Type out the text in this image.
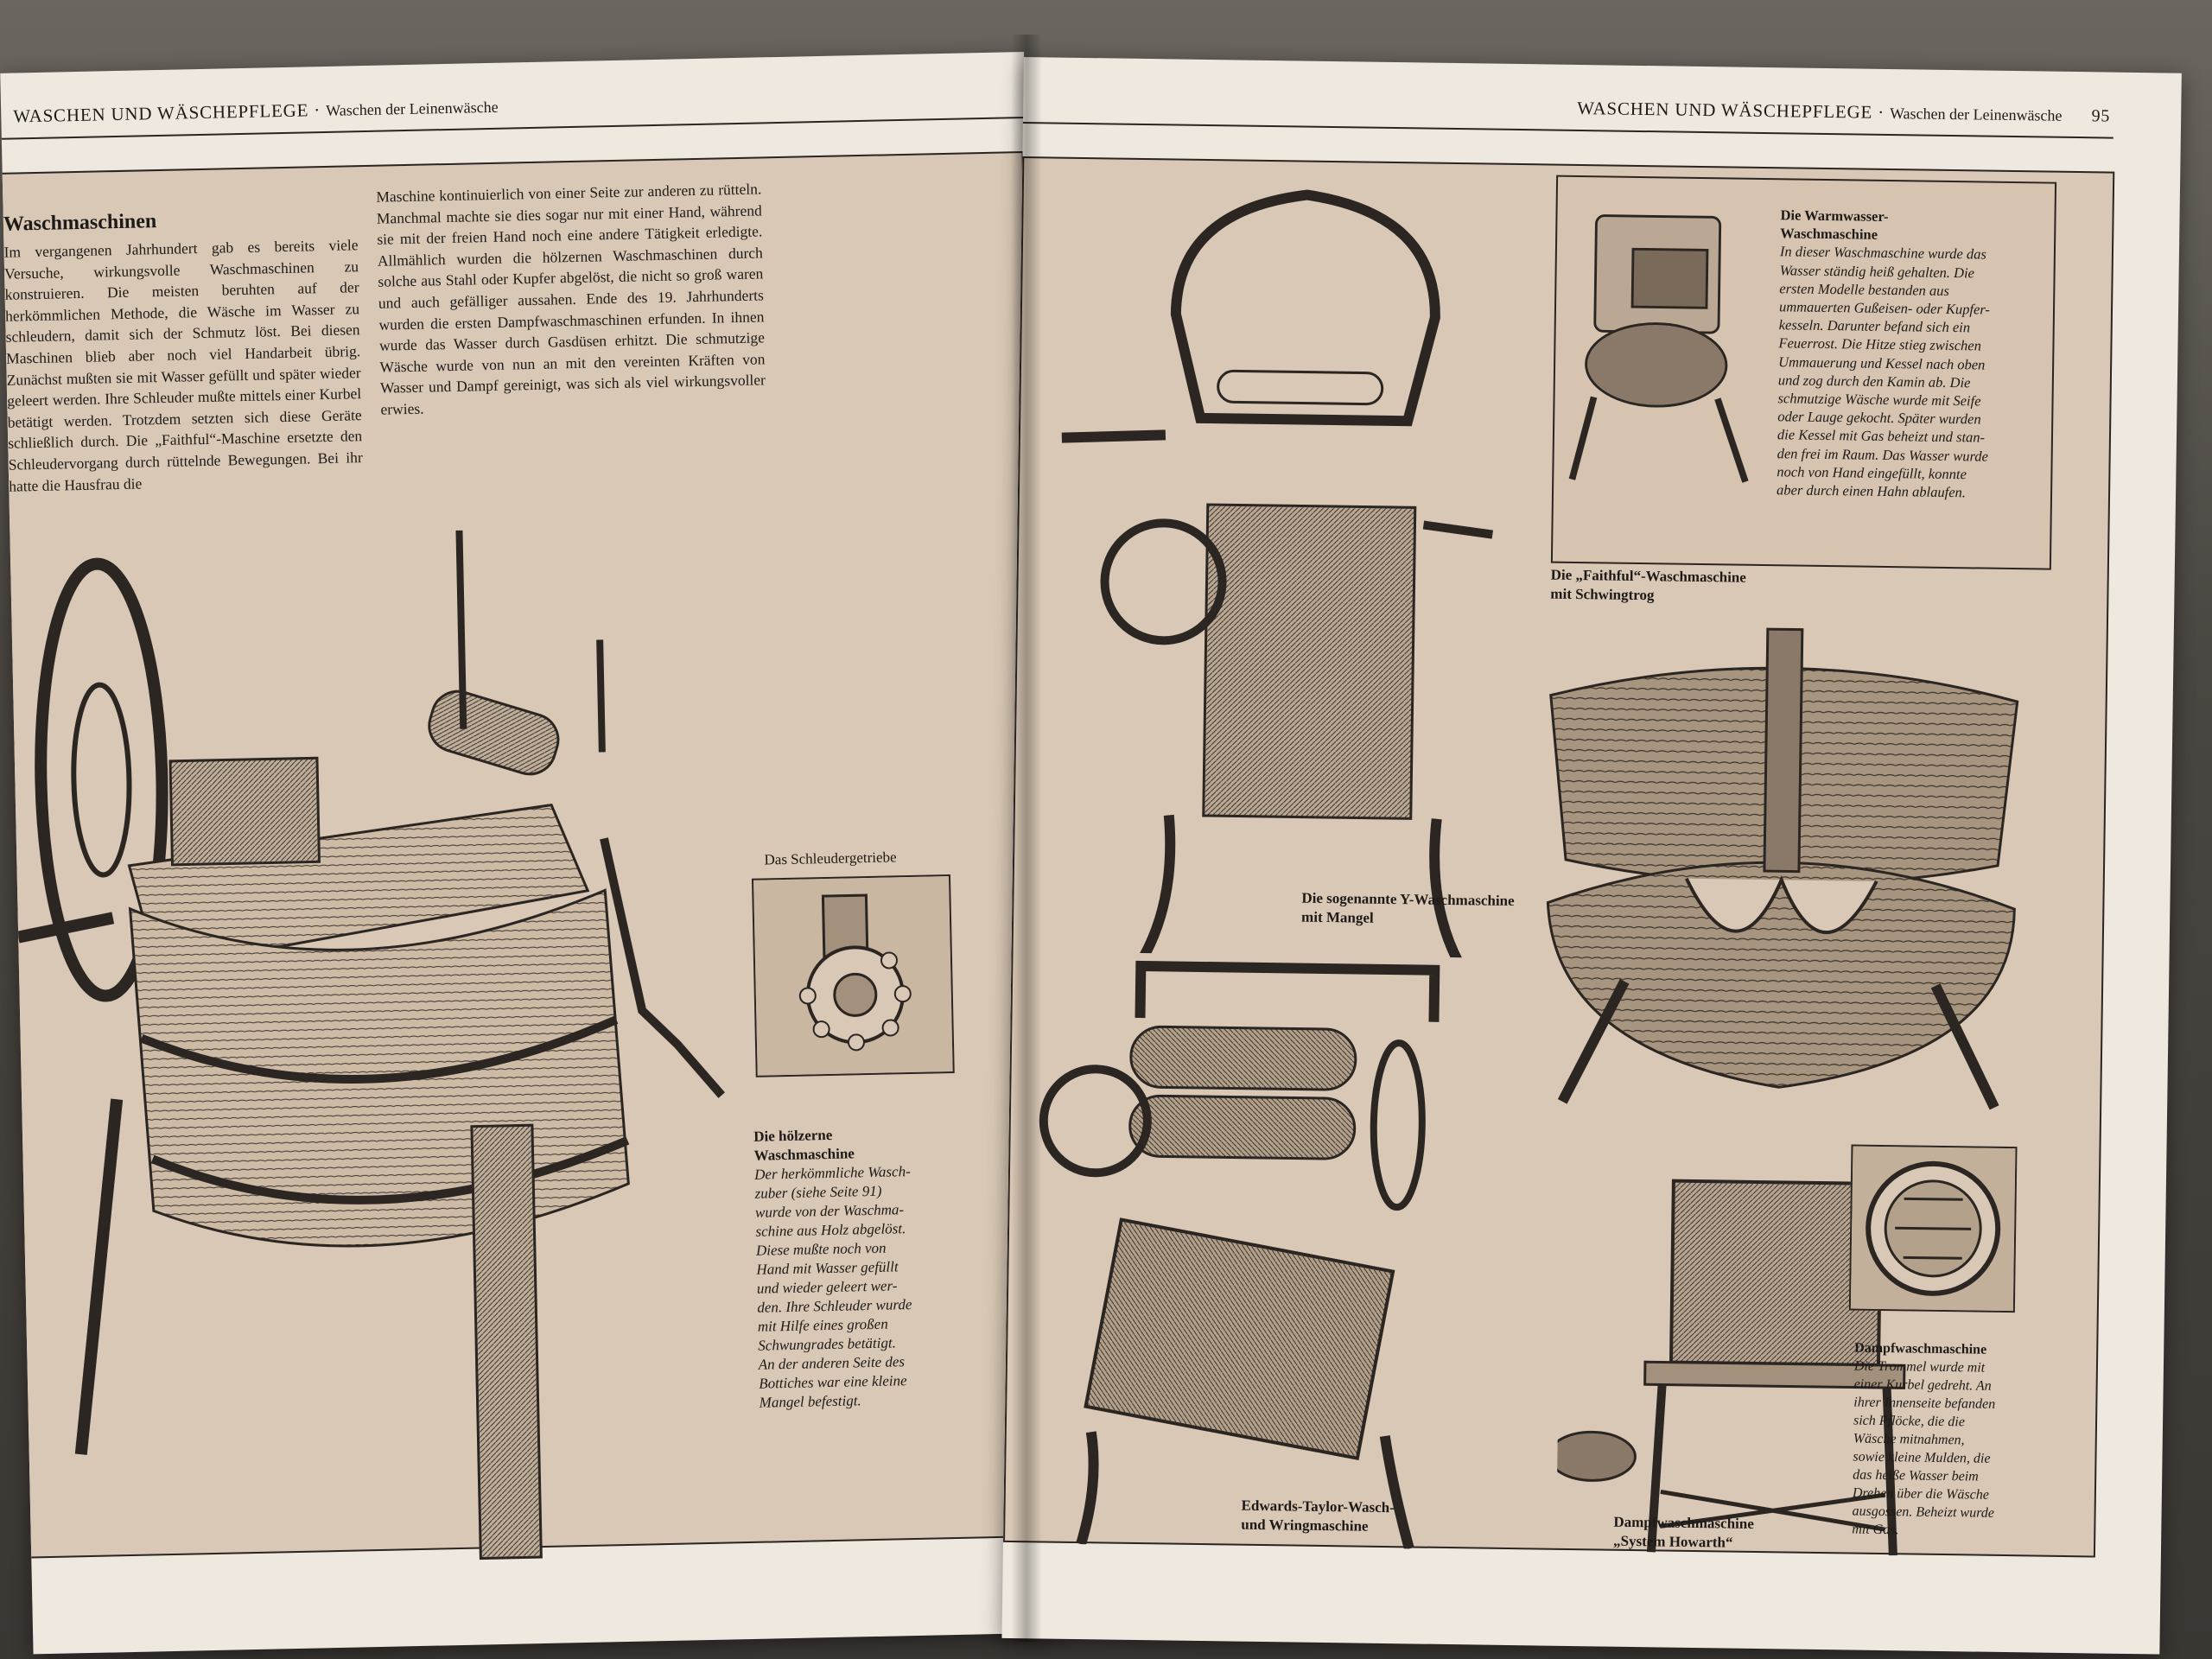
WASCHEN UND WÄSCHEPFLEGE · Waschen der Leinenwäsche
Waschmaschinen
Im vergangenen Jahrhundert gab es bereits viele Versuche, wirkungsvolle Waschmaschinen zu konstruieren. Die meisten beruhten auf der herkömmlichen Methode, die Wäsche im Wasser zu schleudern, damit sich der Schmutz löst. Bei diesen Maschinen blieb aber noch viel Handarbeit übrig. Zunächst mußten sie mit Wasser gefüllt und später wieder geleert werden. Ihre Schleuder mußte mittels einer Kurbel betätigt werden. Trotzdem setzten sich diese Geräte schließlich durch. Die „Faithful“-Maschine ersetzte den Schleudervorgang durch rüttelnde Bewegungen. Bei ihr hatte die Hausfrau die
Maschine kontinuierlich von einer Seite zur anderen zu rütteln. Manchmal machte sie dies sogar nur mit einer Hand, während sie mit der freien Hand noch eine andere Tätigkeit erledigte. Allmählich wurden die hölzernen Waschmaschinen durch solche aus Stahl oder Kupfer abgelöst, die nicht so groß waren und auch gefälliger aussahen. Ende des 19. Jahrhunderts wurden die ersten Dampfwaschmaschinen erfunden. In ihnen wurde das Wasser durch Gasdüsen erhitzt. Die schmutzige Wäsche wurde von nun an mit den vereinten Kräften von Wasser und Dampf gereinigt, was sich als viel wirkungsvoller erwies.
Das Schleudergetriebe
Die hölzerne
Waschmaschine
Der herkömmliche Wasch-
zuber (siehe Seite 91)
wurde von der Waschma-
schine aus Holz abgelöst.
Diese mußte noch von
Hand mit Wasser gefüllt
und wieder geleert wer-
den. Ihre Schleuder wurde
mit Hilfe eines großen
Schwungrades betätigt.
An der anderen Seite des
Bottiches war eine kleine
Mangel befestigt.
WASCHEN UND WÄSCHEPFLEGE · Waschen der Leinenwäsche 95
Die sogenannte Y-Waschmaschine
mit Mangel
Die Warmwasser-
Waschmaschine
In dieser Waschmaschine wurde das
Wasser ständig heiß gehalten. Die
ersten Modelle bestanden aus
ummauerten Gußeisen- oder Kupfer-
kesseln. Darunter befand sich ein
Feuerrost. Die Hitze stieg zwischen
Ummauerung und Kessel nach oben
und zog durch den Kamin ab. Die
schmutzige Wäsche wurde mit Seife
oder Lauge gekocht. Später wurden
die Kessel mit Gas beheizt und stan-
den frei im Raum. Das Wasser wurde
noch von Hand eingefüllt, konnte
aber durch einen Hahn ablaufen.
Die „Faithful“-Waschmaschine
mit Schwingtrog
Edwards-Taylor-Wasch-
und Wringmaschine	Dampfwaschmaschine
„System Howarth“
Dampfwaschmaschine
Die Trommel wurde mit
einer Kurbel gedreht. An
ihrer Innenseite befanden
sich Pflöcke, die die
Wäsche mitnahmen,
sowie kleine Mulden, die
das heiße Wasser beim
Drehen über die Wäsche
ausgossen. Beheizt wurde
mit Gas.
